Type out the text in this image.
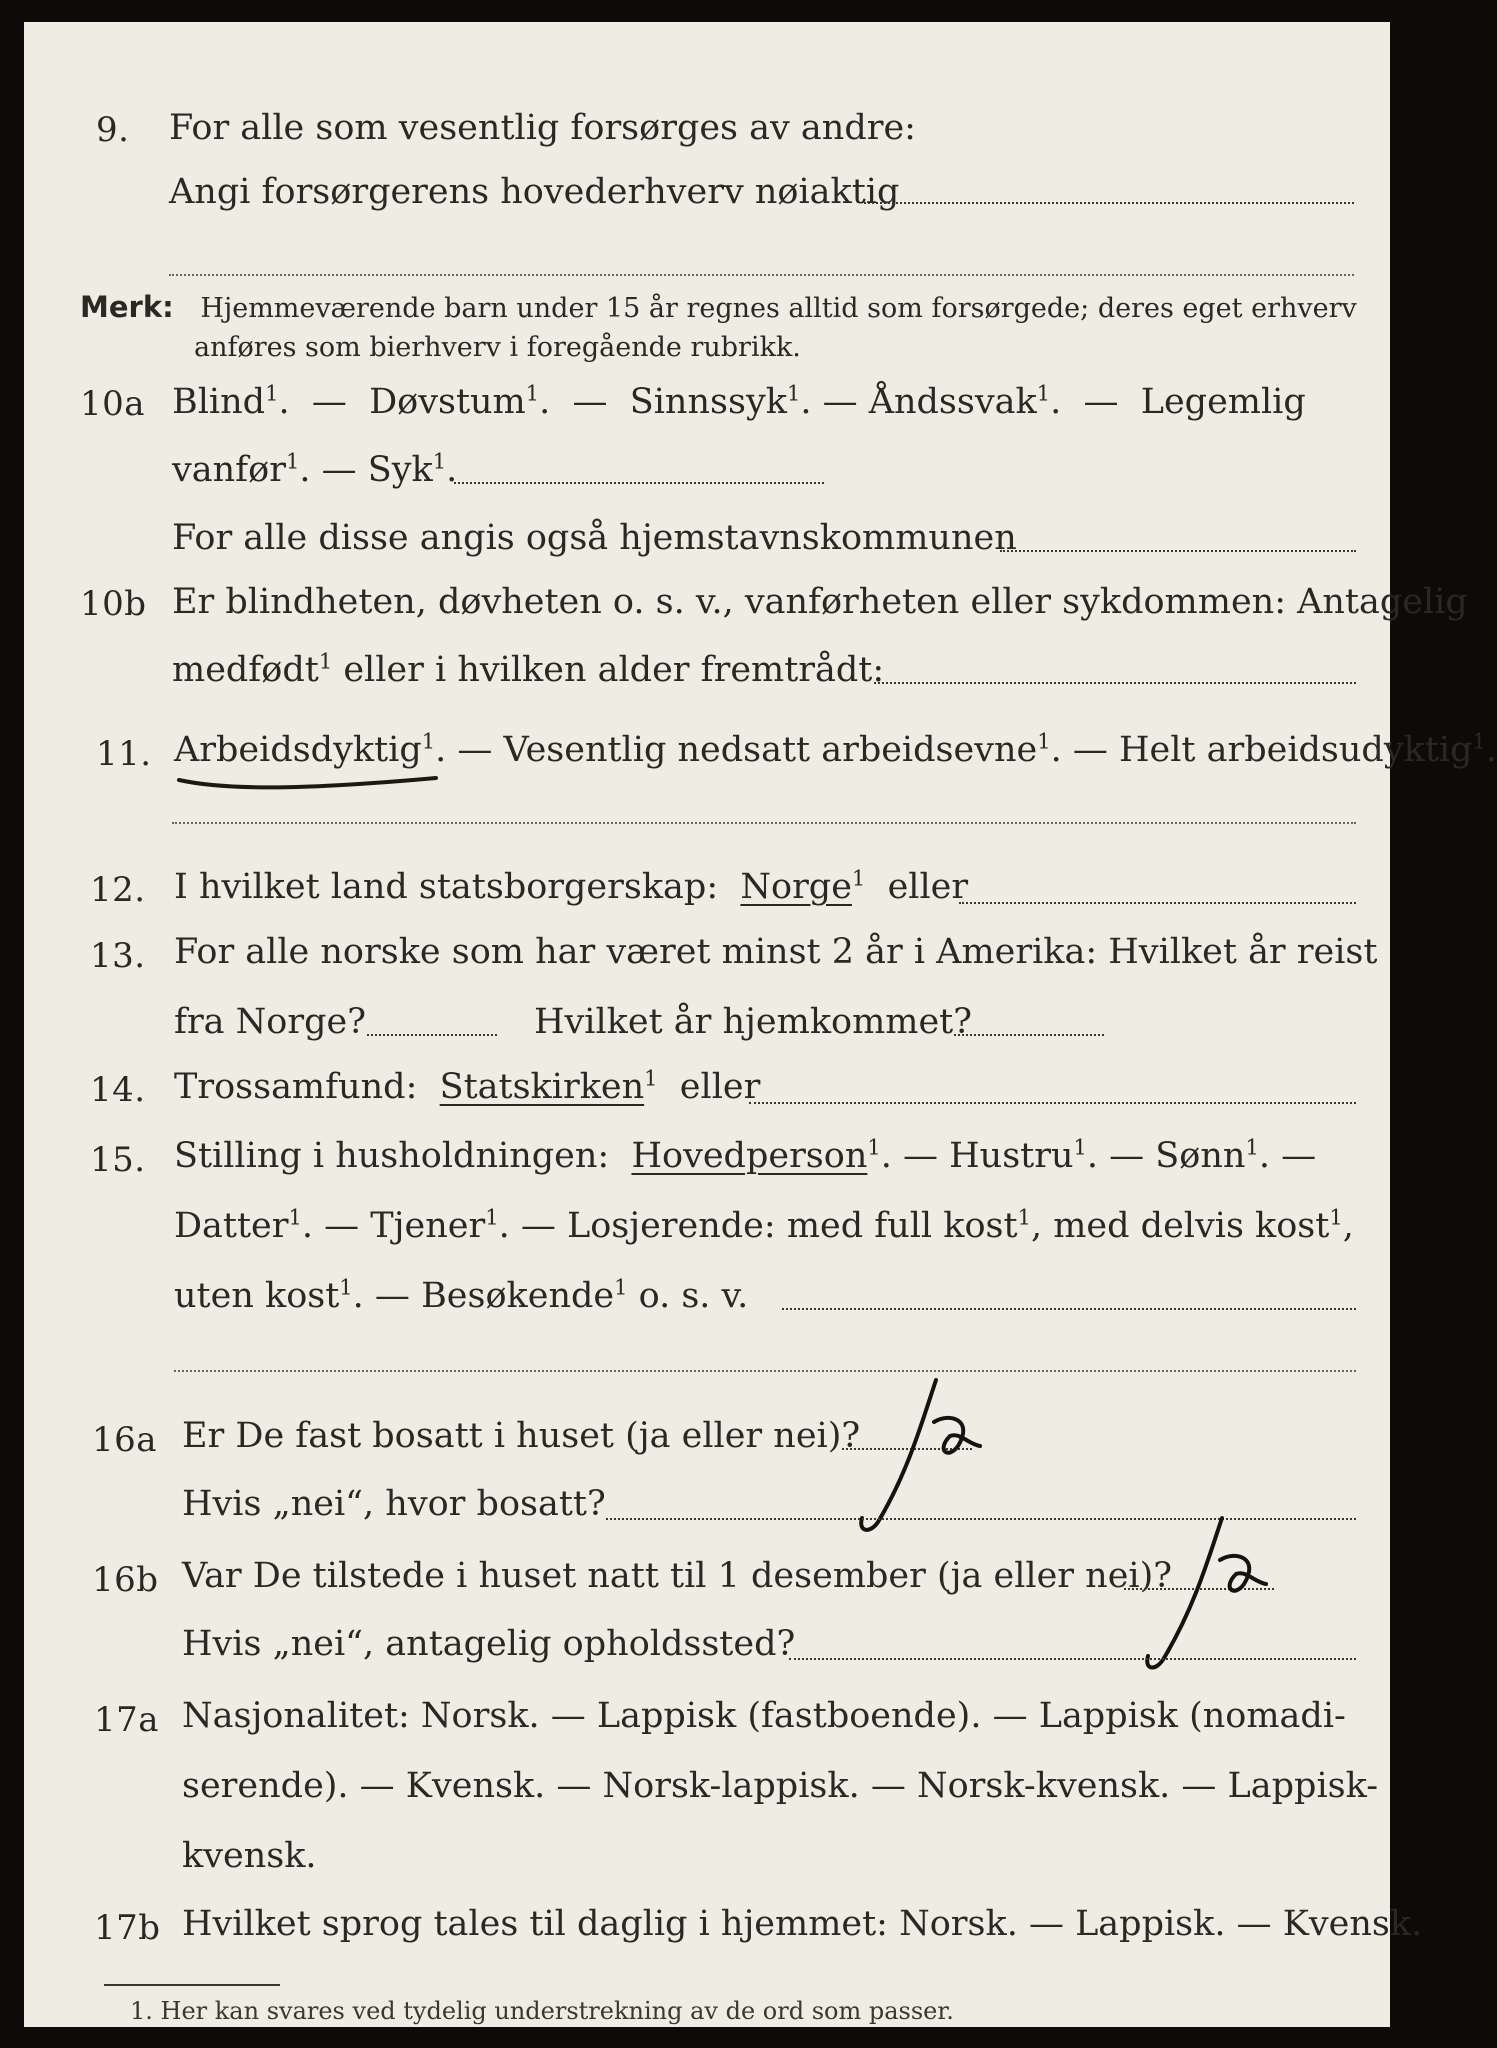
9. For alle som vesentlig forsørges av andre:
Angi forsørgerens hovederhverv nøiaktig
Merk: Hjemmeværende barn under 15 år regnes alltid som forsørgede; deres eget erhverv
anføres som bierhverv i foregående rubrikk.
10a Blind$^1$.  —  Døvstum$^1$.  —  Sinnssyk$^1$. — Åndssvak$^1$.  —  Legemlig
vanfør$^1$. — Syk$^1$.
For alle disse angis også hjemstavnskommunen
10b Er blindheten, døvheten o. s. v., vanførheten eller sykdommen: Antagelig
medfødt$^1$ eller i hvilken alder fremtrådt:
11. Arbeidsdyktig$^1$. — Vesentlig nedsatt arbeidsevne$^1$. — Helt arbeidsudyktig$^1$.
12. I hvilket land statsborgerskap: Norge$^1$ eller
13. For alle norske som har været minst 2 år i Amerika: Hvilket år reist
fra Norge?	Hvilket år hjemkommet?
14. Trossamfund: Statskirken$^1$ eller
15. Stilling i husholdningen: Hovedperson$^1$. — Hustru$^1$. — Sønn$^1$. —
Datter$^1$. — Tjener$^1$. — Losjerende: med full kost$^1$, med delvis kost$^1$,
uten kost$^1$. — Besøkende$^1$ o. s. v.
16a Er De fast bosatt i huset (ja eller nei)?
Hvis „nei“, hvor bosatt?
16b Var De tilstede i huset natt til 1 desember (ja eller nei)?
Hvis „nei“, antagelig opholdssted?
17a Nasjonalitet: Norsk. — Lappisk (fastboende). — Lappisk (nomadi-
serende). — Kvensk. — Norsk-lappisk. — Norsk-kvensk. — Lappisk-
kvensk.
17b Hvilket sprog tales til daglig i hjemmet: Norsk. — Lappisk. — Kvensk.
1. Her kan svares ved tydelig understrekning av de ord som passer.
